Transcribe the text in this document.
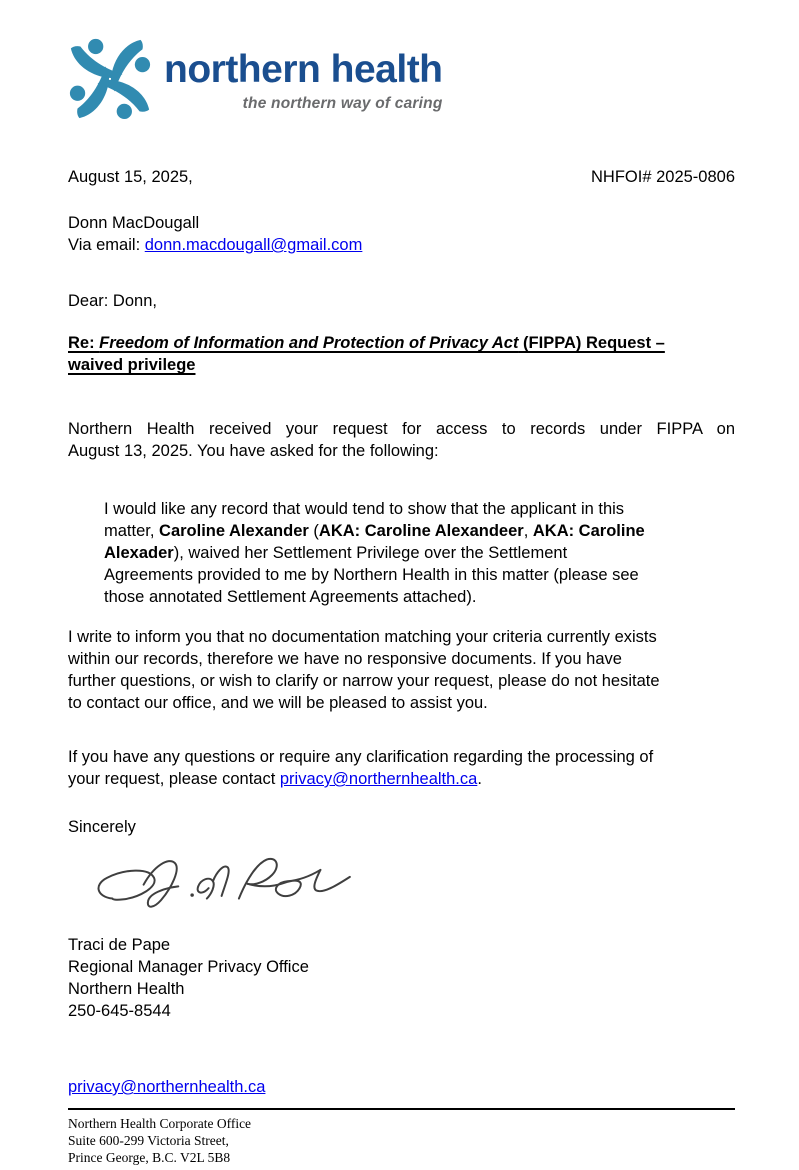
northern health
the northern way of caring
August 15, 2025,	NHFOI# 2025-0806
Donn MacDougall
Via email: donn.macdougall@gmail.com
Dear: Donn,
Re: Freedom of Information and Protection of Privacy Act (FIPPA) Request –
waived privilege
Northern Health received your request for access to records under FIPPA on
August 13, 2025. You have asked for the following:
I would like any record that would tend to show that the applicant in this
matter, Caroline Alexander (AKA: Caroline Alexandeer, AKA: Caroline
Alexader), waived her Settlement Privilege over the Settlement
Agreements provided to me by Northern Health in this matter (please see
those annotated Settlement Agreements attached).
I write to inform you that no documentation matching your criteria currently exists
within our records, therefore we have no responsive documents. If you have
further questions, or wish to clarify or narrow your request, please do not hesitate
to contact our office, and we will be pleased to assist you.
If you have any questions or require any clarification regarding the processing of
your request, please contact privacy@northernhealth.ca.
Sincerely
Traci de Pape
Regional Manager Privacy Office
Northern Health
250-645-8544
privacy@northernhealth.ca
Northern Health Corporate Office
Suite 600-299 Victoria Street,
Prince George, B.C. V2L 5B8
